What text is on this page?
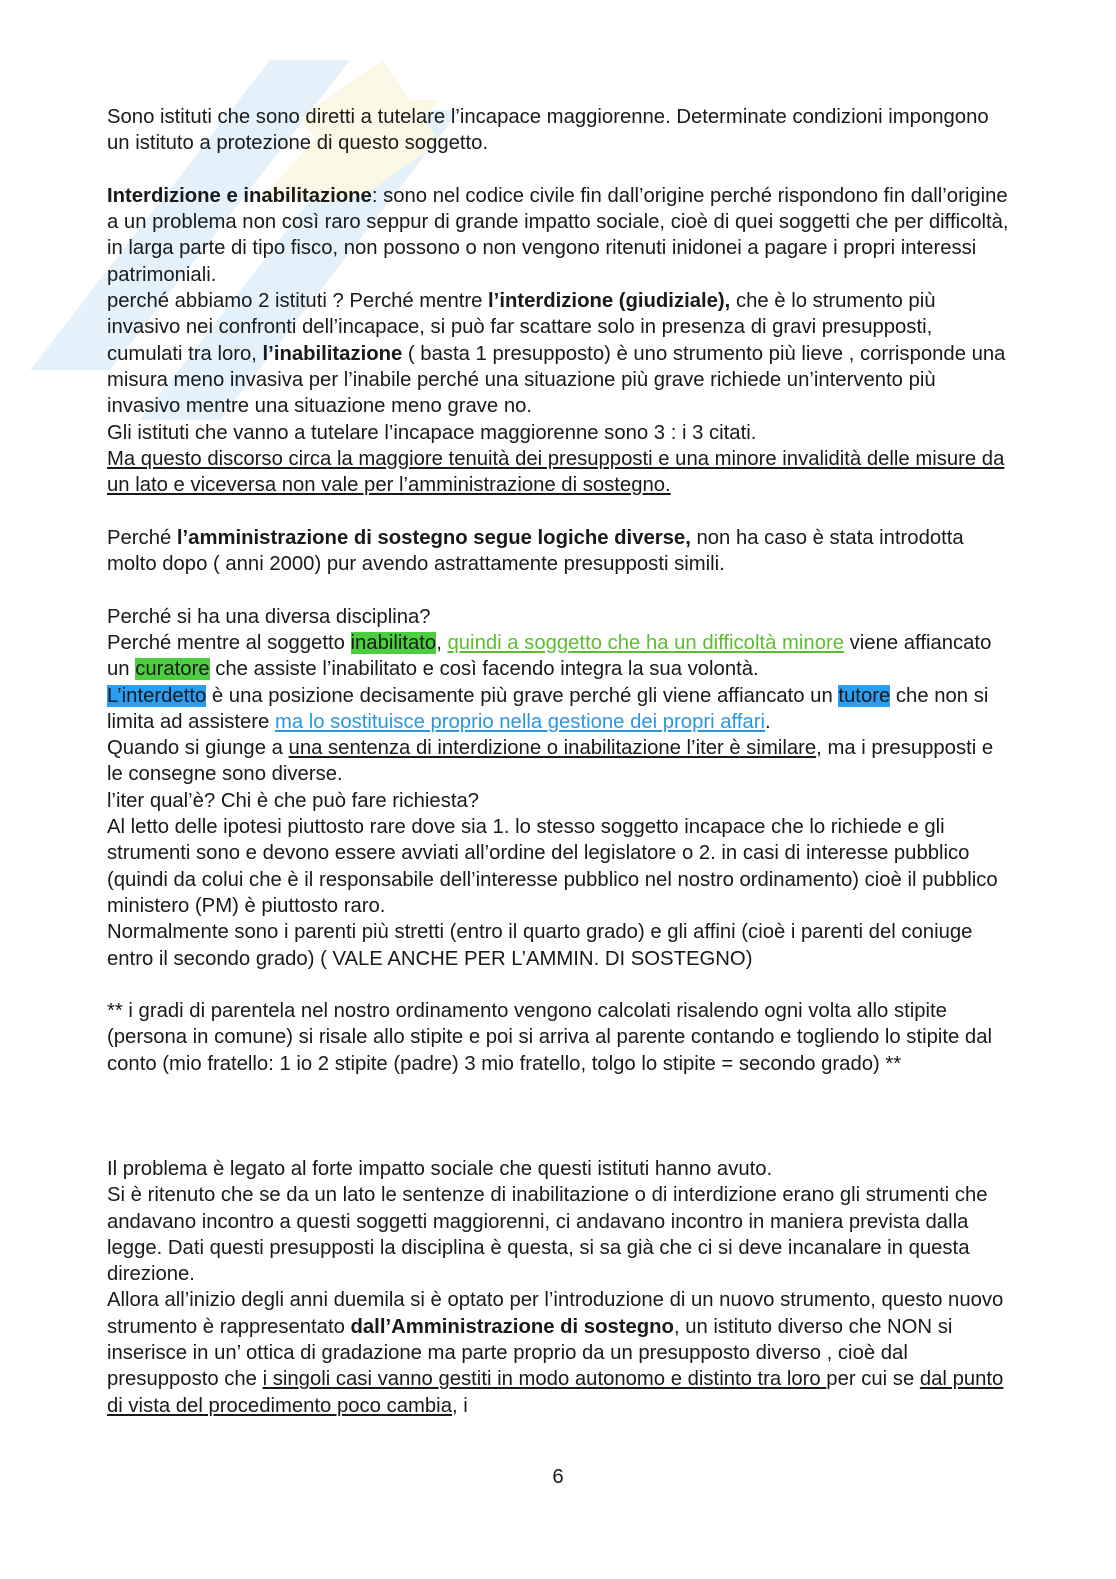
Sono istituti che sono diretti a tutelare l’incapace maggiorenne. Determinate condizioni impongono un istituto a protezione di questo soggetto.

Interdizione e inabilitazione: sono nel codice civile fin dall’origine perché rispondono fin dall’origine a un problema non così raro seppur di grande impatto sociale, cioè di quei soggetti che per difficoltà, in larga parte di tipo fisco, non possono o non vengono ritenuti inidonei a pagare i propri interessi patrimoniali.

perché abbiamo 2 istituti ? Perché mentre l’interdizione (giudiziale), che è lo strumento più invasivo nei confronti dell’incapace, si può far scattare solo in presenza di gravi presupposti, cumulati tra loro, l’inabilitazione ( basta 1 presupposto) è uno strumento più lieve , corrisponde una misura meno invasiva per l’inabile perché una situazione più grave richiede un’intervento più invasivo mentre una situazione meno grave no.

Gli istituti che vanno a tutelare l’incapace maggiorenne sono 3 : i 3 citati.

Ma questo discorso circa la maggiore tenuità dei presupposti e una minore invalidità delle misure da un lato e viceversa non vale per l’amministrazione di sostegno.

Perché l’amministrazione di sostegno segue logiche diverse, non ha caso è stata introdotta molto dopo ( anni 2000) pur avendo astrattamente presupposti simili.

Perché si ha una diversa disciplina?

Perché mentre al soggetto inabilitato, quindi a soggetto che ha un difficoltà minore viene affiancato un curatore che assiste l’inabilitato e così facendo integra la sua volontà.

L’interdetto è una posizione decisamente più grave perché gli viene affiancato un tutore che non si limita ad assistere ma lo sostituisce proprio nella gestione dei propri affari.

Quando si giunge a una sentenza di interdizione o inabilitazione l’iter è similare, ma i presupposti e le consegne sono diverse.

l’iter qual’è? Chi è che può fare richiesta?

Al letto delle ipotesi piuttosto rare dove sia 1. lo stesso soggetto incapace che lo richiede e gli strumenti sono e devono essere avviati all’ordine del legislatore o 2. in casi di interesse pubblico (quindi da colui che è il responsabile dell’interesse pubblico nel nostro ordinamento) cioè il pubblico ministero (PM) è piuttosto raro.

Normalmente sono i parenti più stretti (entro il quarto grado) e gli affini (cioè i parenti del coniuge entro il secondo grado) ( VALE ANCHE PER L’AMMIN. DI SOSTEGNO)

** i gradi di parentela nel nostro ordinamento vengono calcolati risalendo ogni volta allo stipite (persona in comune) si risale allo stipite e poi si arriva al parente contando e togliendo lo stipite dal conto (mio fratello: 1 io 2 stipite (padre) 3 mio fratello, tolgo lo stipite = secondo grado) **

Il problema è legato al forte impatto sociale che questi istituti hanno avuto.

Si è ritenuto che se da un lato le sentenze di inabilitazione o di interdizione erano gli strumenti che andavano incontro a questi soggetti maggiorenni, ci andavano incontro in maniera prevista dalla legge. Dati questi presupposti la disciplina è questa, si sa già che ci si deve incanalare in questa direzione.

Allora all’inizio degli anni duemila si è optato per l’introduzione di un nuovo strumento, questo nuovo strumento è rappresentato dall’Amministrazione di sostegno, un istituto diverso che NON si inserisce in un’ ottica di gradazione ma parte proprio da un presupposto diverso , cioè dal presupposto che i singoli casi vanno gestiti in modo autonomo e distinto tra loro per cui se dal punto di vista del procedimento poco cambia, i

6
